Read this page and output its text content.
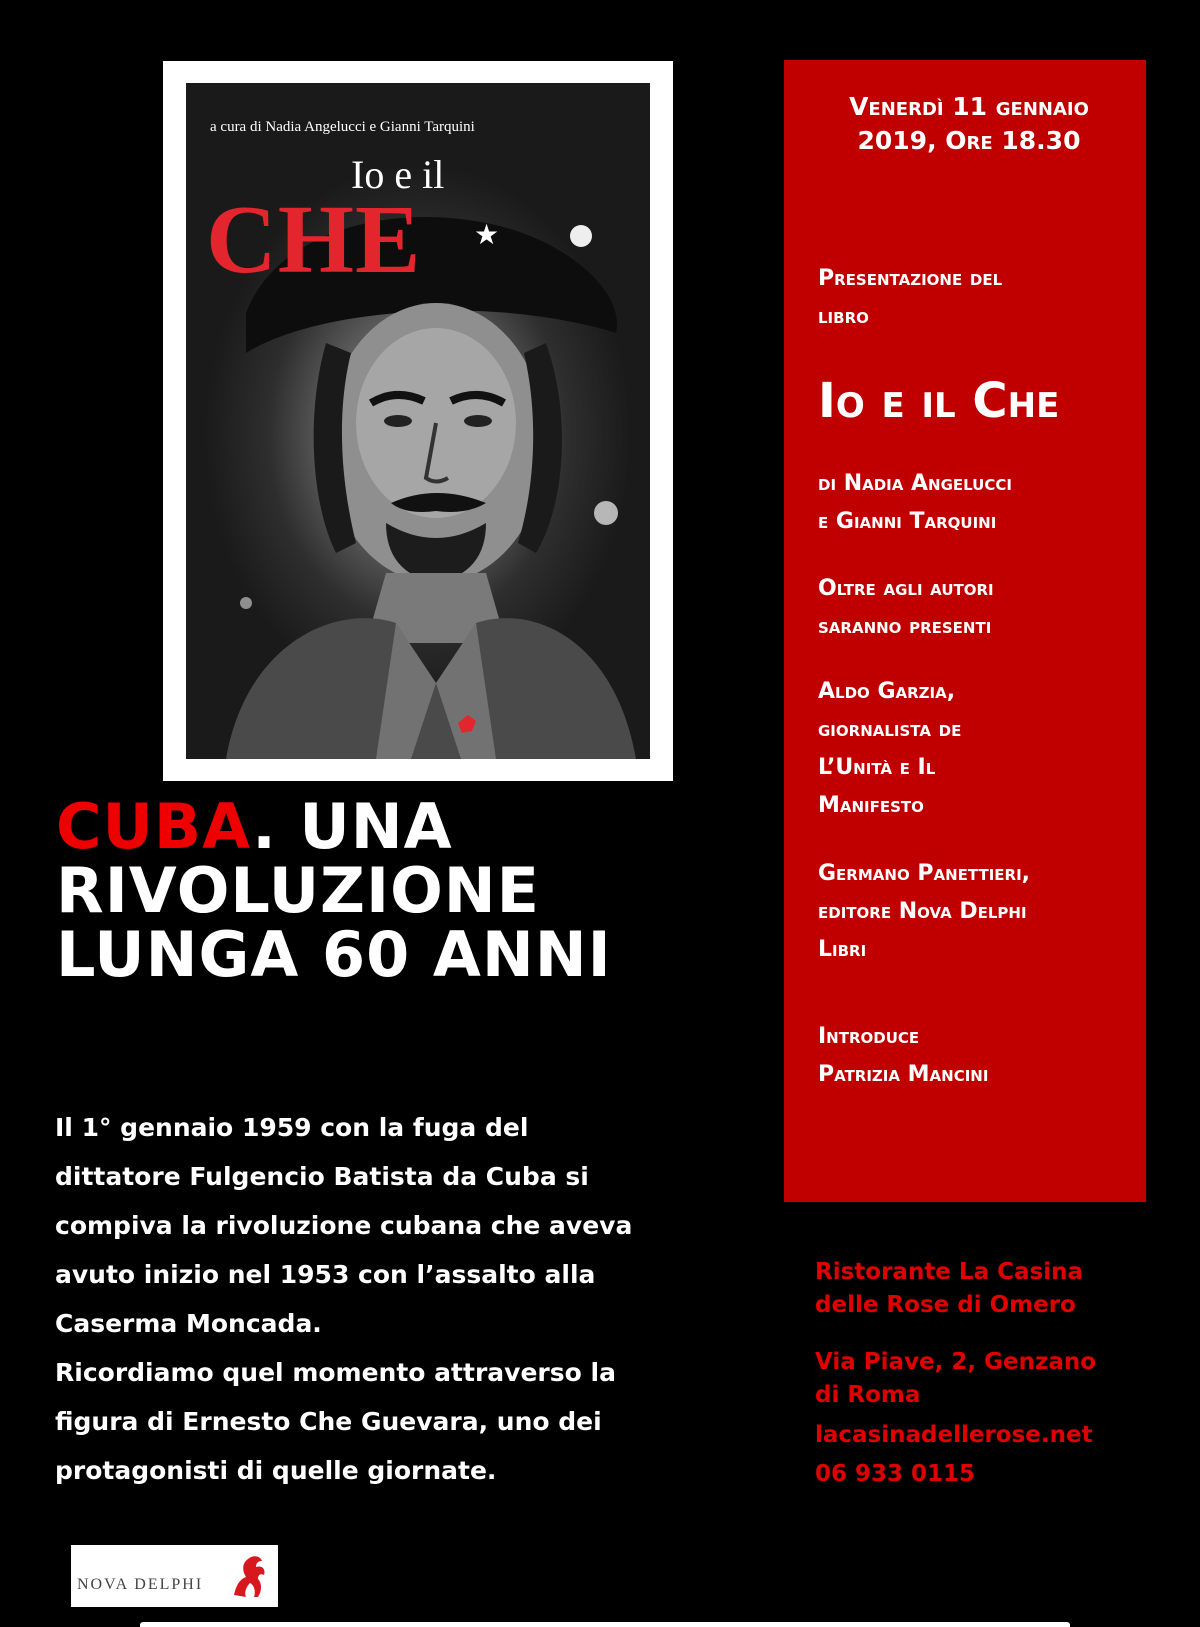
a cura di Nadia Angelucci e Gianni Tarquini
Io e il
CHE ★
CUBA. UNA
RIVOLUZIONE
LUNGA 60 ANNI

Il 1° gennaio 1959 con la fuga del

dittatore Fulgencio Batista da Cuba si

compiva la rivoluzione cubana che aveva

avuto inizio nel 1953 con l’assalto alla

Caserma Moncada.

Ricordiamo quel momento attraverso la

figura di Ernesto Che Guevara, uno dei

protagonisti di quelle giornate.

Venerdì 11 gennaio
2019, Ore 18.30
Presentazione del
libro
Io e il Che
di Nadia Angelucci
e Gianni Tarquini
Oltre agli autori
saranno presenti
Aldo Garzia,
giornalista de
L’Unità e Il
Manifesto
Germano Panettieri,
editore Nova Delphi
Libri
Introduce
Patrizia Mancini
Ristorante La Casina
delle Rose di Omero
Via Piave, 2, Genzano
di Roma
lacasinadellerose.net
06 933 0115
NOVA DELPHI
